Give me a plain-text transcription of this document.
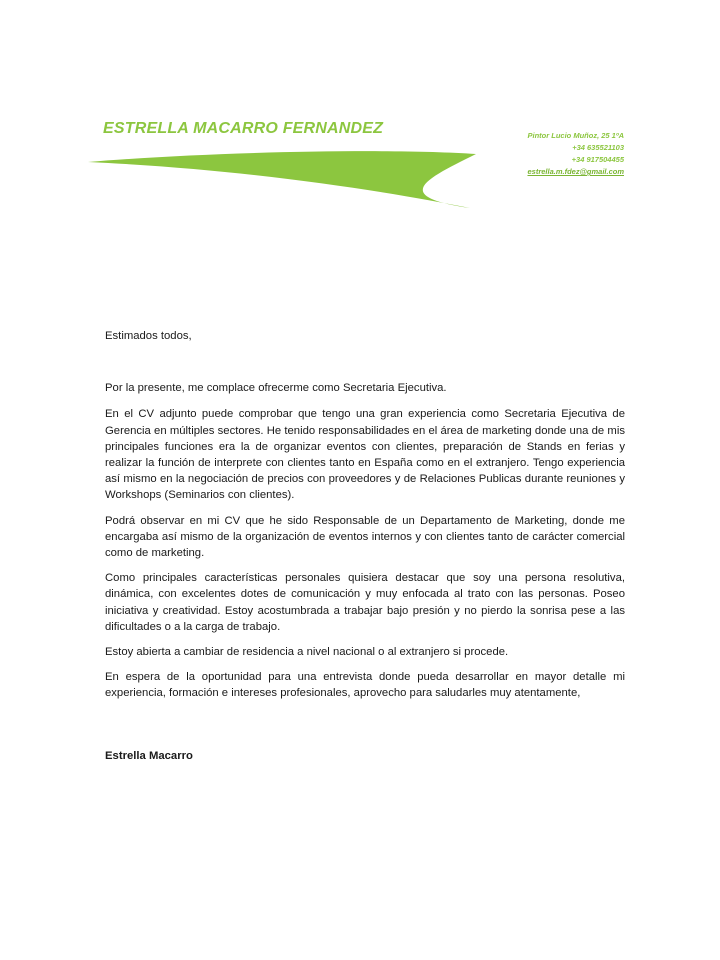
ESTRELLA MACARRO FERNANDEZ	Pintor Lucio Muñoz, 25 1ºA
+34 635521103
+34 917504455
estrella.m.fdez@gmail.com

Estimados todos,

Por la presente, me complace ofrecerme como Secretaria Ejecutiva.

En el CV adjunto puede comprobar que tengo una gran experiencia como Secretaria Ejecutiva de Gerencia en múltiples sectores. He tenido responsabilidades en el área de marketing donde una de mis principales funciones era la de organizar eventos con clientes, preparación de Stands en ferias y realizar la función de interprete con clientes tanto en España como en el extranjero. Tengo experiencia así mismo en la negociación de precios con proveedores y de Relaciones Publicas durante reuniones y Workshops (Seminarios con clientes).

Podrá observar en mi CV que he sido Responsable de un Departamento de Marketing, donde me encargaba así mismo de la organización de eventos internos y con clientes tanto de carácter comercial como de marketing.

Como principales características personales quisiera destacar que soy una persona resolutiva, dinámica, con excelentes dotes de comunicación y muy enfocada al trato con las personas. Poseo iniciativa y creatividad. Estoy acostumbrada a trabajar bajo presión y no pierdo la sonrisa pese a las dificultades o a la carga de trabajo.

Estoy abierta a cambiar de residencia a nivel nacional o al extranjero si procede.

En espera de la oportunidad para una entrevista donde pueda desarrollar en mayor detalle mi experiencia, formación e intereses profesionales, aprovecho para saludarles muy atentamente,

Estrella Macarro
